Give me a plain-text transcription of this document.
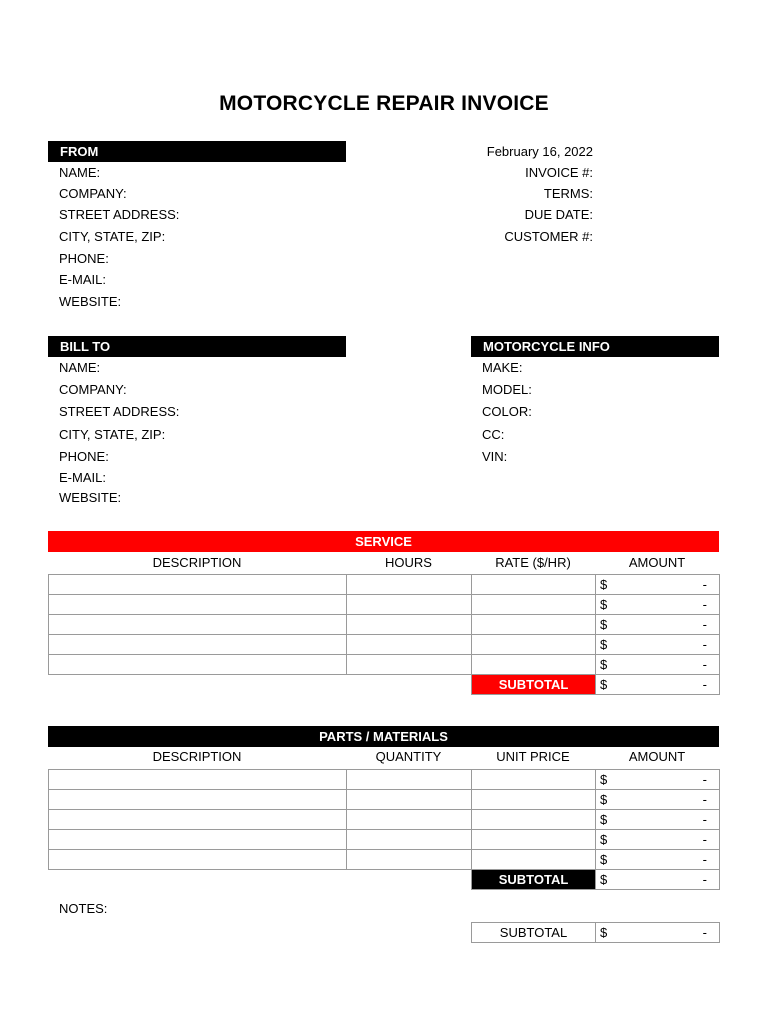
MOTORCYCLE REPAIR INVOICE
FROM
NAME:
COMPANY:
STREET ADDRESS:
CITY, STATE, ZIP:
PHONE:
E-MAIL:
WEBSITE:
February 16, 2022
INVOICE #:
TERMS:
DUE DATE:
CUSTOMER #:
BILL TO
NAME:
COMPANY:
STREET ADDRESS:
CITY, STATE, ZIP:
PHONE:
E-MAIL:
WEBSITE:
MOTORCYCLE INFO
MAKE:
MODEL:
COLOR:
CC:
VIN:
SERVICE
DESCRIPTION	HOURS	RATE ($/HR)	AMOUNT

			$ -

			$ -

			$ -

			$ -

			$ -

		SUBTOTAL	$ -
PARTS / MATERIALS
DESCRIPTION	QUANTITY	UNIT PRICE	AMOUNT

			$ -

			$ -

			$ -

			$ -

			$ -

		SUBTOTAL	$ -
NOTES:
SUBTOTAL	$	-
